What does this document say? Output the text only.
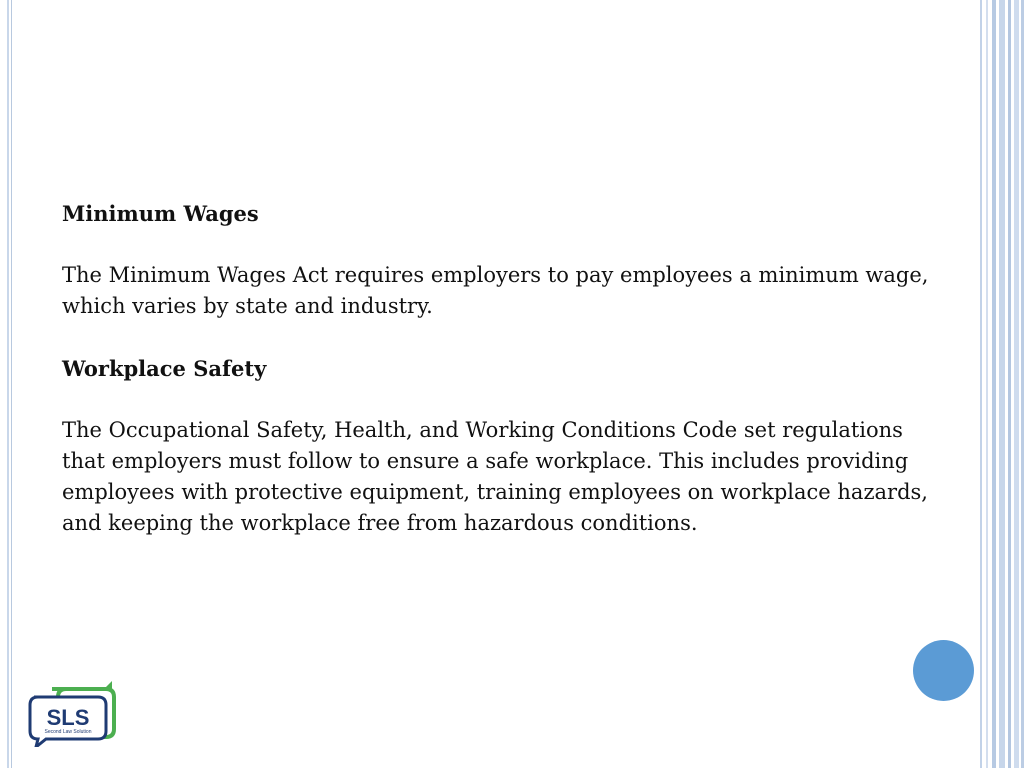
Minimum Wages

The Minimum Wages Act requires employers to pay employees a minimum wage, which varies by state and industry.

Workplace Safety

The Occupational Safety, Health, and Working Conditions Code set regulations that employers must follow to ensure a safe workplace. This includes providing employees with protective equipment, training employees on workplace hazards, and keeping the workplace free from hazardous conditions.

SLS
Second Law Solution
